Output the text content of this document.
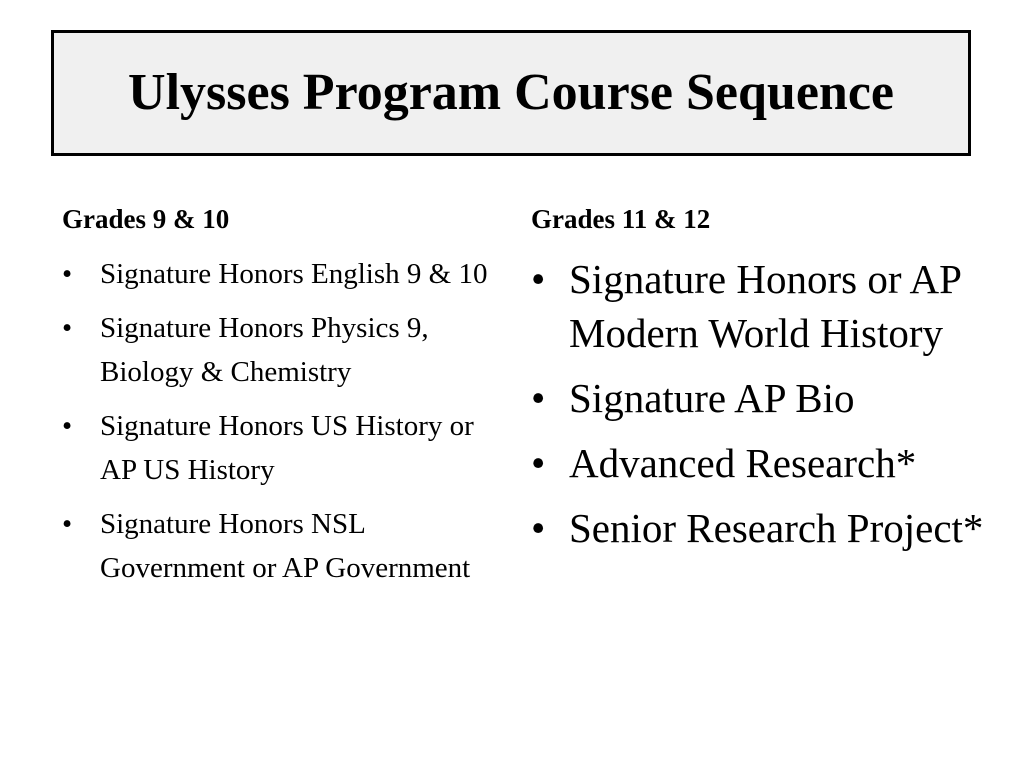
Ulysses Program Course Sequence
Grades 9 & 10
• Signature Honors English 9 & 10
• Signature Honors Physics 9, Biology & Chemistry
• Signature Honors US History or AP US History
• Signature Honors NSL Government or AP Government
Grades 11 & 12
• Signature Honors or AP Modern World History
• Signature AP Bio
• Advanced Research*
• Senior Research Project*
